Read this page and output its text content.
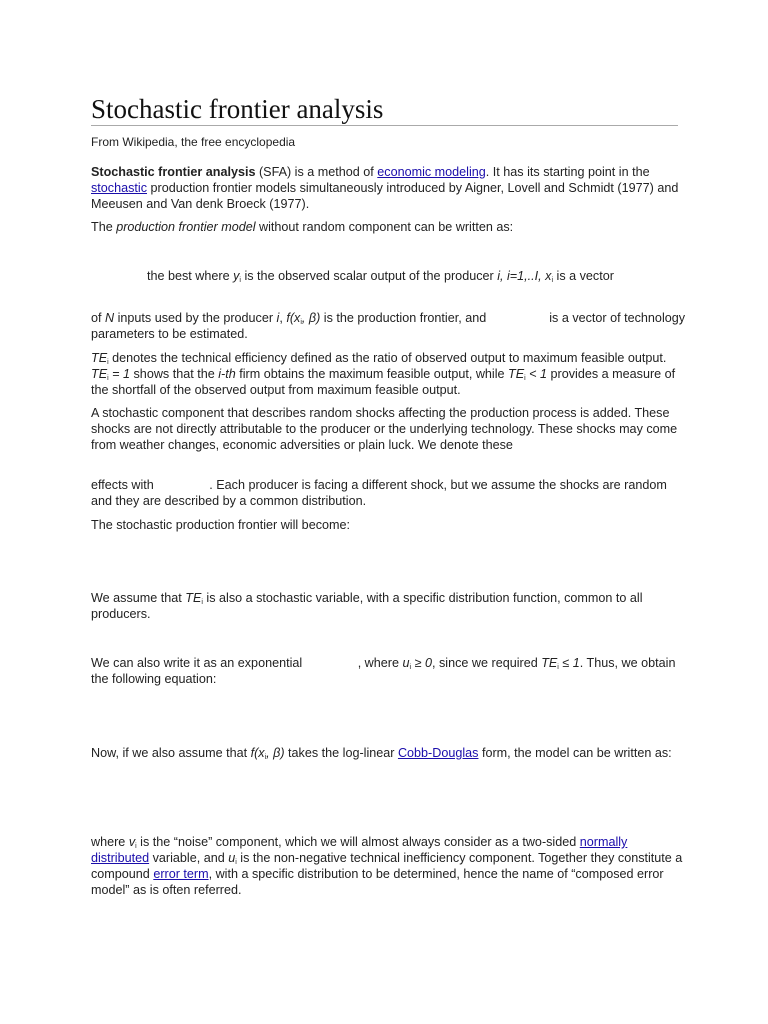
Stochastic frontier analysis

From Wikipedia, the free encyclopedia

Stochastic frontier analysis (SFA) is a method of economic modeling. It has its starting point in the stochastic production frontier models simultaneously introduced by Aigner, Lovell and Schmidt (1977) and Meeusen and Van denk Broeck (1977).

The production frontier model without random component can be written as:

the best where $y_i$ is the observed scalar output of the producer i, i=1,..I, $x_i$ is a vector

of N inputs used by the producer i, $f(x_i$, β) is the production frontier, and	is a vector of technology parameters to be estimated.

$TE_i$ denotes the technical efficiency defined as the ratio of observed output to maximum feasible output. $TE_i = 1$ shows that the i-th firm obtains the maximum feasible output, while $TE_i < 1$ provides a measure of the shortfall of the observed output from maximum feasible output.

A stochastic component that describes random shocks affecting the production process is added. These shocks are not directly attributable to the producer or the underlying technology. These shocks may come from weather changes, economic adversities or plain luck. We denote these

effects with	. Each producer is facing a different shock, but we assume the shocks are random and they are described by a common distribution.

The stochastic production frontier will become:

We assume that $TE_i$ is also a stochastic variable, with a specific distribution function, common to all producers.

We can also write it as an exponential	, where $u_i \ge 0$, since we required $TE_i \le 1$. Thus, we obtain the following equation:

Now, if we also assume that $f(x_i$, β) takes the log-linear Cobb-Douglas form, the model can be written as:

where $v_i$ is the “noise” component, which we will almost always consider as a two-sided normally distributed variable, and $u_i$ is the non-negative technical inefficiency component. Together they constitute a compound error term, with a specific distribution to be determined, hence the name of “composed error model” as is often referred.
